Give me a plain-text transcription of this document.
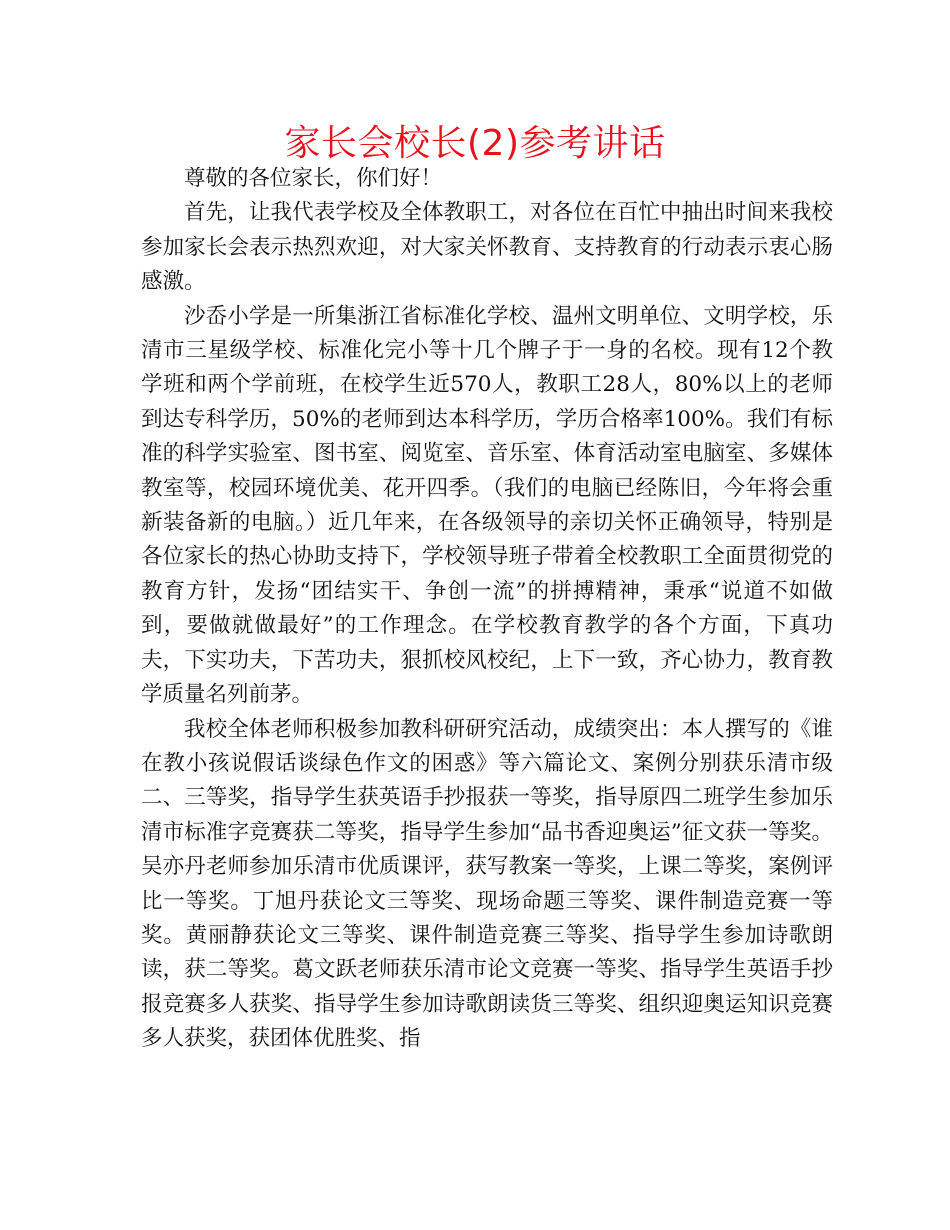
家长会校长(2)参考讲话

尊敬的各位家长，你们好！

首先，让我代表学校及全体教职工，对各位在百忙中抽出时间来我校参加家长会表示热烈欢迎，对大家关怀教育、支持教育的行动表示衷心肠感激。

沙岙小学是一所集浙江省标准化学校、温州文明单位、文明学校，乐清市三星级学校、标准化完小等十几个牌子于一身的名校。现有12个教学班和两个学前班，在校学生近570人，教职工28人，80%以上的老师到达专科学历，50%的老师到达本科学历，学历合格率100%。我们有标准的科学实验室、图书室、阅览室、音乐室、体育活动室电脑室、多媒体教室等，校园环境优美、花开四季。（我们的电脑已经陈旧，今年将会重新装备新的电脑。）近几年来，在各级领导的亲切关怀正确领导，特别是各位家长的热心协助支持下，学校领导班子带着全校教职工全面贯彻党的教育方针，发扬“团结实干、争创一流”的拼搏精神，秉承“说道不如做到，要做就做最好”的工作理念。在学校教育教学的各个方面，下真功夫，下实功夫，下苦功夫，狠抓校风校纪，上下一致，齐心协力，教育教学质量名列前茅。

我校全体老师积极参加教科研研究活动，成绩突出：本人撰写的《谁在教小孩说假话谈绿色作文的困惑》等六篇论文、案例分别获乐清市级二、三等奖，指导学生获英语手抄报获一等奖，指导原四二班学生参加乐清市标准字竞赛获二等奖，指导学生参加“品书香迎奥运”征文获一等奖。吴亦丹老师参加乐清市优质课评，获写教案一等奖，上课二等奖，案例评比一等奖。丁旭丹获论文三等奖、现场命题三等奖、课件制造竞赛一等奖。黄丽静获论文三等奖、课件制造竞赛三等奖、指导学生参加诗歌朗读，获二等奖。葛文跃老师获乐清市论文竞赛一等奖、指导学生英语手抄报竞赛多人获奖、指导学生参加诗歌朗读货三等奖、组织迎奥运知识竞赛多人获奖，获团体优胜奖、指
